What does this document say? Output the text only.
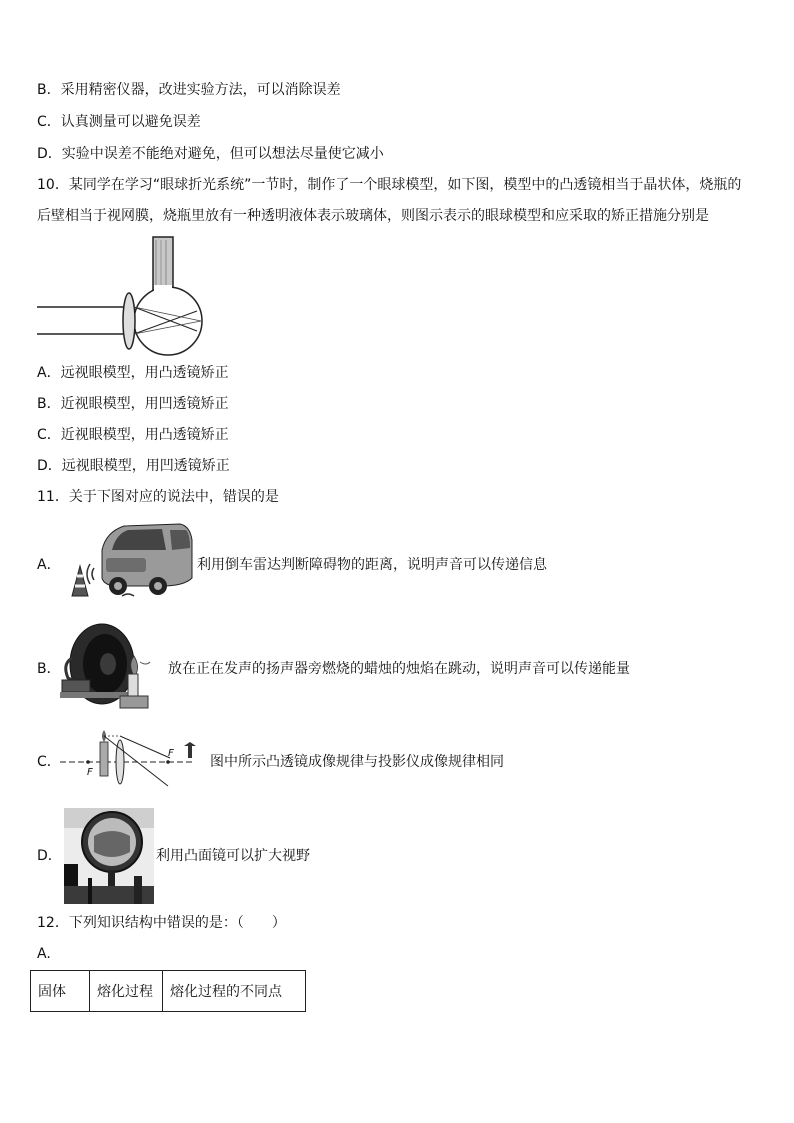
B．采用精密仪器，改进实验方法，可以消除误差
C．认真测量可以避免误差
D．实验中误差不能绝对避免，但可以想法尽量使它减小
10．某同学在学习“眼球折光系统”一节时，制作了一个眼球模型，如下图，模型中的凸透镜相当于晶状体，烧瓶的
后壁相当于视网膜，烧瓶里放有一种透明液体表示玻璃体，则图示表示的眼球模型和应采取的矫正措施分别是
A．远视眼模型，用凸透镜矫正
B．近视眼模型，用凹透镜矫正
C．近视眼模型，用凸透镜矫正
D．远视眼模型，用凹透镜矫正
11．关于下图对应的说法中，错误的是
A．	利用倒车雷达判断障碍物的距离，说明声音可以传递信息
B．	放在正在发声的扬声器旁燃烧的蜡烛的烛焰在跳动，说明声音可以传递能量
C．
F
F
图中所示凸透镜成像规律与投影仪成像规律相同
D．	利用凸面镜可以扩大视野
12．下列知识结构中错误的是：（　　）
A.
固体	熔化过程	熔化过程的不同点
